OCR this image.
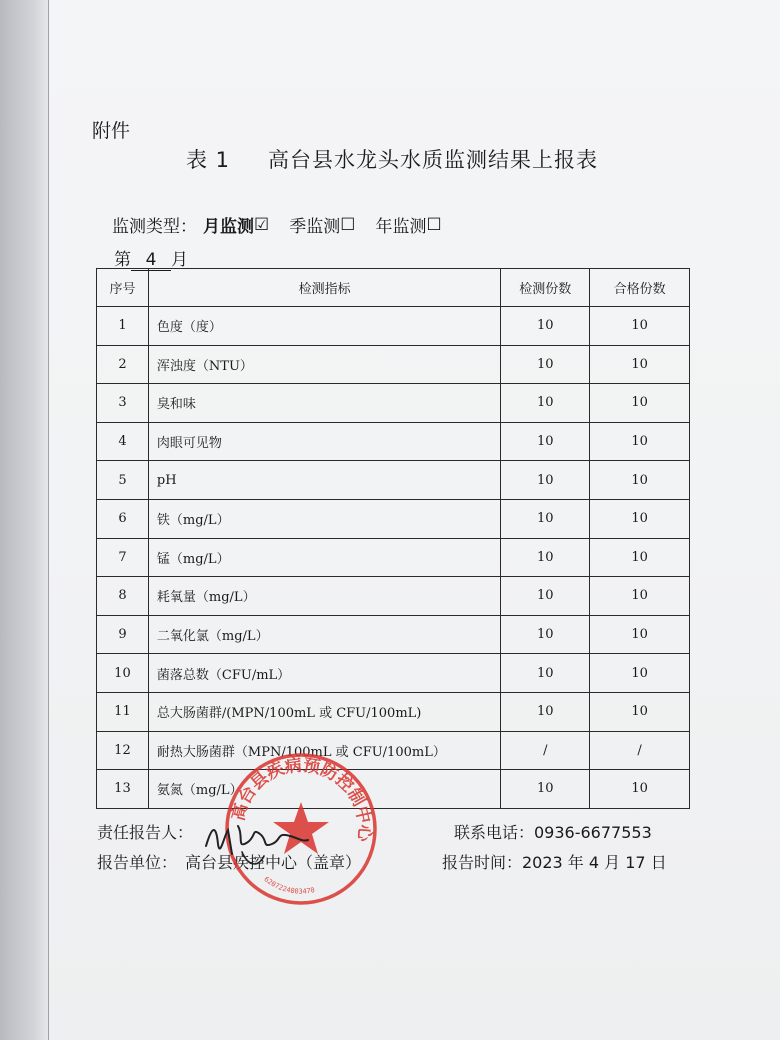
附件
表 1 高台县水龙头水质监测结果上报表
监测类型： 月监测 ☑ 季监测 ☐ 年监测 ☐
第 4 月
序号	检测指标	检测份数	合格份数
1	色度（度）	10	10
2	浑浊度（NTU）	10	10
3	臭和味	10	10
4	肉眼可见物	10	10
5	pH	10	10
6	铁（mg/L）	10	10
7	锰（mg/L）	10	10
8	耗氧量（mg/L）	10	10
9	二氧化氯（mg/L）	10	10
10	菌落总数（CFU/mL）	10	10
11	总大肠菌群/(MPN/100mL 或 CFU/100mL)	10	10
12	耐热大肠菌群（MPN/100mL 或 CFU/100mL）	/	/
13	氨氮（mg/L）	10	10
责任报告人：	联系电话：0936-6677553
报告单位：　高台县疾控中心（盖章）	报告时间：2023 年 4 月 17 日
高台县疾病预防控制中心
6207224003470
